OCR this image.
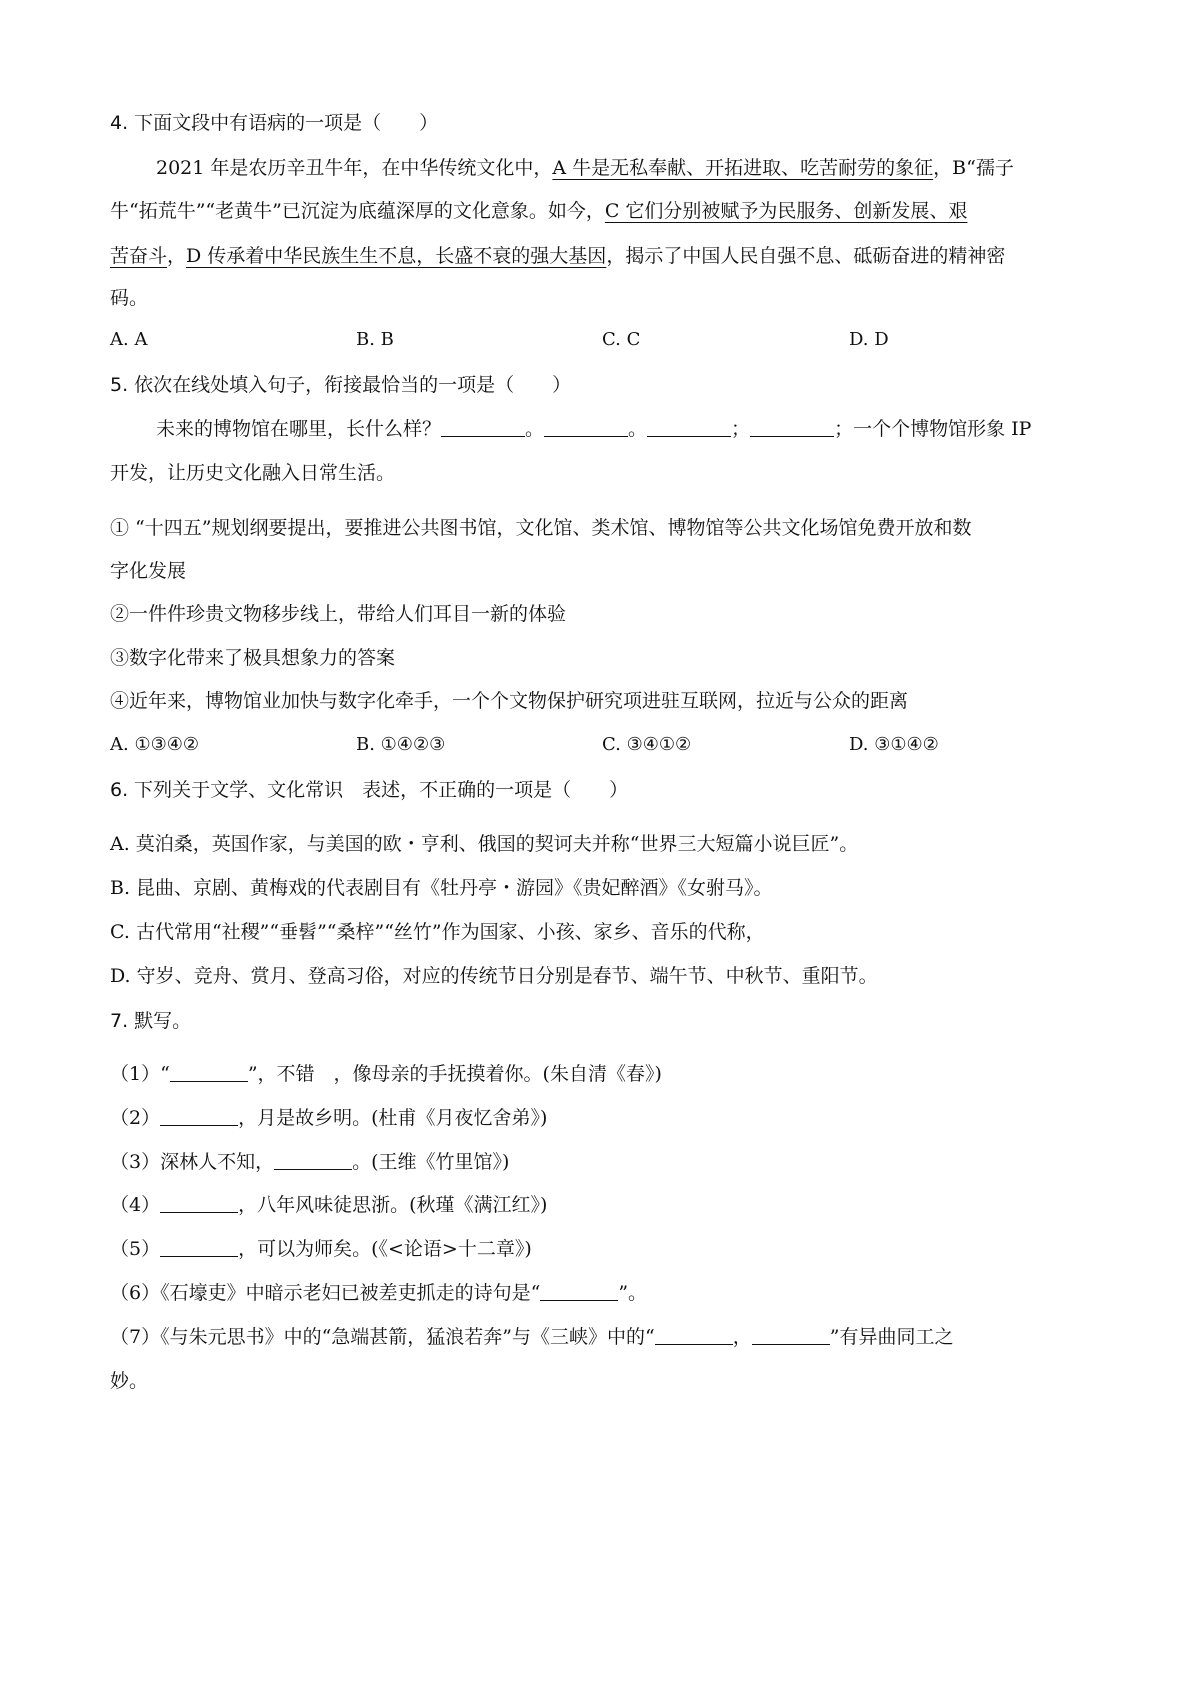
4. 下面文段中有语病的一项是（　　）
2021 年是农历辛丑牛年，在中华传统文化中，A 牛是无私奉献、开拓进取、吃苦耐劳的象征，B“孺子
牛“拓荒牛”“老黄牛”已沉淀为底蕴深厚的文化意象。如今，C 它们分别被赋予为民服务、创新发展、艰
苦奋斗，D 传承着中华民族生生不息，长盛不衰的强大基因，揭示了中国人民自强不息、砥砺奋进的精神密
码。
A. A	B. B	C. C	D. D
5. 依次在线处填入句子，衔接最恰当的一项是（　　）
未来的博物馆在哪里，长什么样？	。	。	；	；一个个博物馆形象 IP
开发，让历史文化融入日常生活。
① “十四五”规划纲要提出，要推进公共图书馆，文化馆、类术馆、博物馆等公共文化场馆免费开放和数
字化发展
②一件件珍贵文物移步线上，带给人们耳目一新的体验
③数字化带来了极具想象力的答案
④近年来，博物馆业加快与数字化牵手，一个个文物保护研究项进驻互联网，拉近与公众的距离
A. ①③④②	B. ①④②③	C. ③④①②	D. ③①④②
6. 下列关于文学、文化常识　表述，不正确的一项是（　　）
A. 莫泊桑，英国作家，与美国的欧・亨利、俄国的契诃夫并称“世界三大短篇小说巨匠”。
B. 昆曲、京剧、黄梅戏的代表剧目有《牡丹亭・游园》《贵妃醉酒》《女驸马》。
C. 古代常用“社稷”“垂髫”“桑梓”“丝竹”作为国家、小孩、家乡、音乐的代称，
D. 守岁、竞舟、赏月、登高习俗，对应的传统节日分别是春节、端午节、中秋节、重阳节。
7. 默写。
（1）“	”，不错　，像母亲的手抚摸着你。(朱自清《春》)
（2）	，月是故乡明。(杜甫《月夜忆舍弟》)
（3）深林人不知，	。(王维《竹里馆》)
（4）	，八年风味徒思浙。(秋瑾《满江红》)
（5）	，可以为师矣。(《<论语>十二章》)
（6）《石壕吏》中暗示老妇已被差吏抓走的诗句是“	”。
（7）《与朱元思书》中的“急端甚箭，猛浪若奔”与《三峡》中的“	，	”有异曲同工之
妙。
